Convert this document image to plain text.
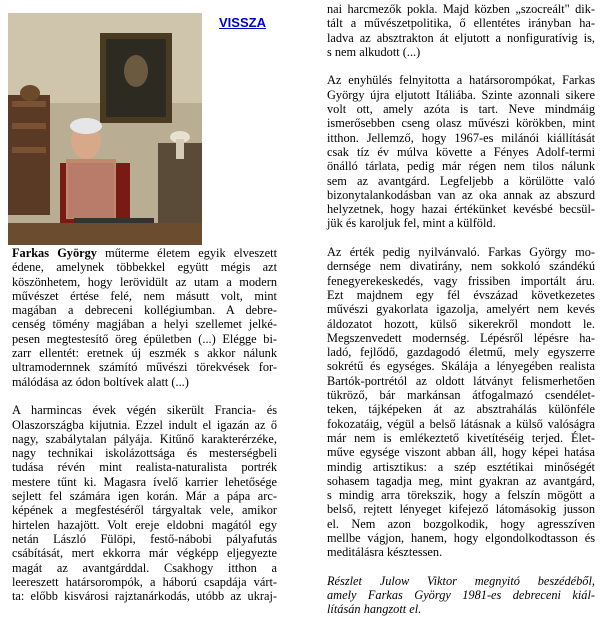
VISSZA

Farkas György műterme életem egyik elveszett
édene, amelynek többekkel együtt mégis azt
köszönhetem, hogy lerövidült az utam a modern
művészet értése felé, nem másutt volt, mint
magában a debreceni kollégiumban. A debre-
censég tömény magjában a helyi szellemet jelké-
pesen megtestesítő öreg épületben (...) Elégge bi-
zarr ellentét: eretnek új eszmék s akkor nálunk
ultramodernnek számító művészi törekvések for-
málódása az ódon boltívek alatt (...)

A harmincas évek végén sikerült Francia- és
Olaszországba kijutnia. Ezzel indult el igazán az ő
nagy, szabálytalan pályája. Kitűnő karakterérzéke,
nagy technikai iskolázottsága és mesterségbeli
tudása révén mint realista-naturalista portrék
mestere tűnt ki. Magasra ívelő karrier lehetősége
sejlett fel számára igen korán. Már a pápa arc-
képének a megfestéséről tárgyaltak vele, amikor
hirtelen hazajött. Volt ereje eldobni magától egy
netán László Fülöpi, festő-nábobi pályafutás
csábítását, mert ekkorra már végképp eljegyezte
magát az avantgárddal. Csakhogy itthon a
leereszett határsorompók, a háború csapdája várt-
ta: előbb kisvárosi rajztanárkodás, utóbb az ukraj-

nai harcmezők pokla. Majd közben „szocreált" dik-
tált a művészetpolitika, ő ellentétes irányban ha-
ladva az absztrakton át eljutott a nonfiguratívig is,
s nem alkudott (...)

Az enyhülés felnyitotta a határsorompókat, Farkas
György újra eljutott Itáliába. Szinte azonnali sikere
volt ott, amely azóta is tart. Neve mindmáig
ismerősebben cseng olasz művészi körökben, mint
itthon. Jellemző, hogy 1967-es milánói kiállítását
csak tíz év múlva követte a Fényes Adolf-termi
önálló tárlata, pedig már régen nem tilos nálunk
sem az avantgárd. Legfeljebb a körülötte való
bizonytalankodásban van az oka annak az abszurd
helyzetnek, hogy hazai értékünket kevésbé becsül-
jük és karoljuk fel, mint a külföld.

Az érték pedig nyilvánvaló. Farkas György mo-
dernsége nem divatirány, nem sokkoló szándékú
fenegyerekeskedés, vagy frissiben importált áru.
Ezt majdnem egy fél évszázad következetes
művészi gyakorlata igazolja, amelyért nem kevés
áldozatot hozott, külső sikerekről mondott le.
Megszenvedett modernség. Lépésről lépésre ha-
ladó, fejlődő, gazdagodó életmű, mely egyszerre
sokrétű és egységes. Skálája a lényegében realista
Bartók-portrétól az oldott látványt felismerhetően
tükröző, bár markánsan átfogalmazó csendélet-
teken, tájképeken át az absztrahálás különféle
fokozatáig, végül a belső látásnak a külső valóságra
már nem is emlékeztető kivetítéséig terjed. Élet-
műve egysége viszont abban áll, hogy képei hatása
mindig artisztikus: a szép esztétikai minőségét
sohasem tagadja meg, mint gyakran az avantgárd,
s mindig arra törekszik, hogy a felszín mögött a
belső, rejtett lényeget kifejező látomásokig jusson
el. Nem azon bozgolkodik, hogy agresszíven
mellbe vágjon, hanem, hogy elgondolkodtasson és
meditálásra késztessen.

Részlet Julow Viktor megnyitó beszédéből,
amely Farkas György 1981-es debreceni kiál-
lításán hangzott el.
